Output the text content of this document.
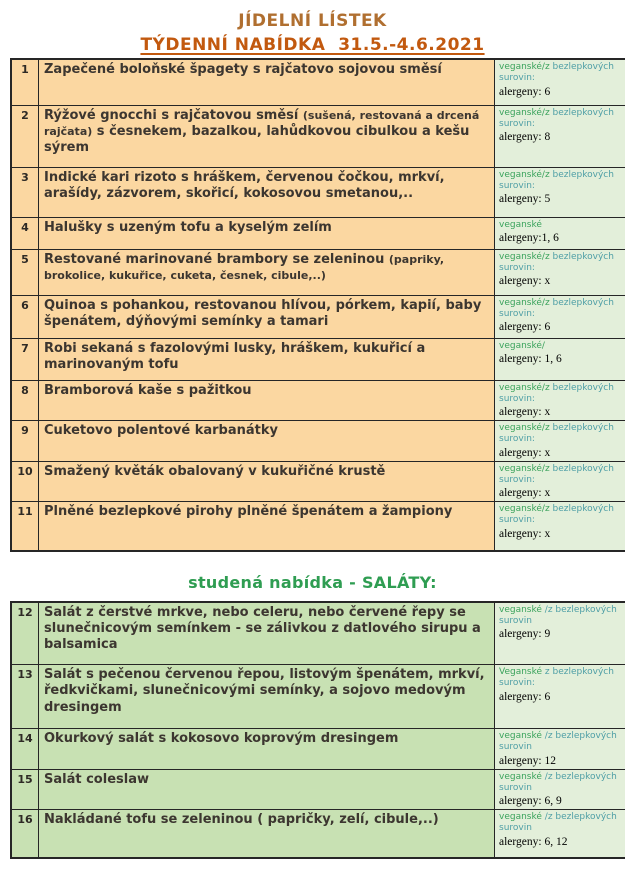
JÍDELNÍ LÍSTEK
TÝDENNÍ NABÍDKA  31.5.-4.6.2021
1	Zapečené boloňské špagety s rajčatovo sojovou směsí	veganské/z bezlepkových surovin:
alergeny: 6

2	Rýžové gnocchi s rajčatovou směsí (sušená, restovaná a drcená rajčata) s česnekem, bazalkou, lahůdkovou cibulkou a kešu sýrem	veganské/z bezlepkových surovin:
alergeny: 8

3	Indické kari rizoto s hráškem, červenou čočkou, mrkví, arašídy, zázvorem, skořicí, kokosovou smetanou,..	veganské/z bezlepkových surovin:
alergeny: 5

4	Halušky s uzeným tofu a kyselým zelím	veganské
alergeny:1, 6

5	Restované marinované brambory se zeleninou (papriky, brokolice, kukuřice, cuketa, česnek, cibule,..)	veganské/z bezlepkových surovin:
alergeny: x

6	Quinoa s pohankou, restovanou hlívou, pórkem, kapií, baby špenátem, dýňovými semínky a tamari	veganské/z bezlepkových surovin:
alergeny: 6

7	Robi sekaná s fazolovými lusky, hráškem, kukuřicí a marinovaným tofu	veganské/
alergeny: 1, 6

8	Bramborová kaše s pažitkou	veganské/z bezlepkových surovin:
alergeny: x

9	Cuketovo polentové karbanátky	veganské/z bezlepkových surovin:
alergeny: x

10	Smažený květák obalovaný v kukuřičné krustě	veganské/z bezlepkových surovin:
alergeny: x

11	Plněné bezlepkové pirohy plněné špenátem a žampiony	veganské/z bezlepkových surovin:
alergeny: x
studená nabídka - SALÁTY:
12	Salát z čerstvé mrkve, nebo celeru, nebo červené řepy se slunečnicovým semínkem - se zálivkou z datlového sirupu a balsamica	veganské /z bezlepkových surovin
alergeny: 9

13	Salát s pečenou červenou řepou, listovým špenátem, mrkví, ředkvičkami, slunečnicovými semínky, a sojovo medovým dresingem	Veganské z bezlepkových surovin:
alergeny: 6

14	Okurkový salát s kokosovo koprovým dresingem	veganské /z bezlepkových surovin
alergeny: 12

15	Salát coleslaw	veganské /z bezlepkových surovin
alergeny: 6, 9

16	Nakládané tofu se zeleninou ( papričky, zelí, cibule,..)	veganské /z bezlepkových surovin
alergeny: 6, 12
